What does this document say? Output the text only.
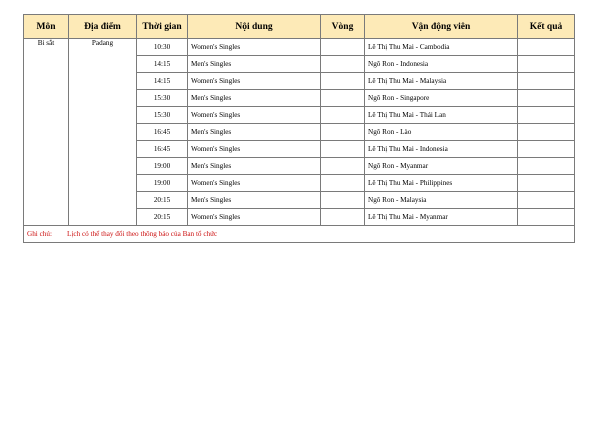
Môn	Địa điểm	Thời gian	Nội dung	Vòng	Vận động viên	Kết quả
Bi sắt	Padang	10:30	Women's Singles		Lê Thị Thu Mai - Cambodia	
		14:15	Men's Singles		Ngô Ron - Indonesia	
		14:15	Women's Singles		Lê Thị Thu Mai - Malaysia	
		15:30	Men's Singles		Ngô Ron - Singapore	
		15:30	Women's Singles		Lê Thị Thu Mai - Thái Lan	
		16:45	Men's Singles		Ngô Ron - Lào	
		16:45	Women's Singles		Lê Thị Thu Mai - Indonesia	
		19:00	Men's Singles		Ngô Ron - Myanmar	
		19:00	Women's Singles		Lê Thị Thu Mai - Philippines	
		20:15	Men's Singles		Ngô Ron - Malaysia	
		20:15	Women's Singles		Lê Thị Thu Mai - Myanmar	
Ghi chú: Lịch có thể thay đổi theo thông báo của Ban tổ chức						
